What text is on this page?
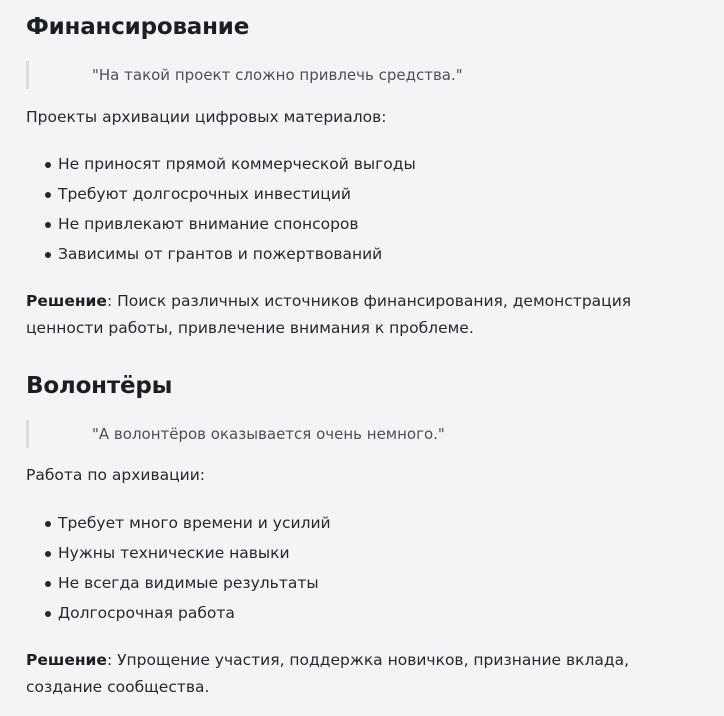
Финансирование
"На такой проект сложно привлечь средства."

Проекты архивации цифровых материалов:

Не приносят прямой коммерческой выгоды
Требуют долгосрочных инвестиций
Не привлекают внимание спонсоров
Зависимы от грантов и пожертвований

Решение: Поиск различных источников финансирования, демонстрация ценности работы, привлечение внимания к проблеме.

Волонтёры
"А волонтёров оказывается очень немного."

Работа по архивации:

Требует много времени и усилий
Нужны технические навыки
Не всегда видимые результаты
Долгосрочная работа

Решение: Упрощение участия, поддержка новичков, признание вклада, создание сообщества.
